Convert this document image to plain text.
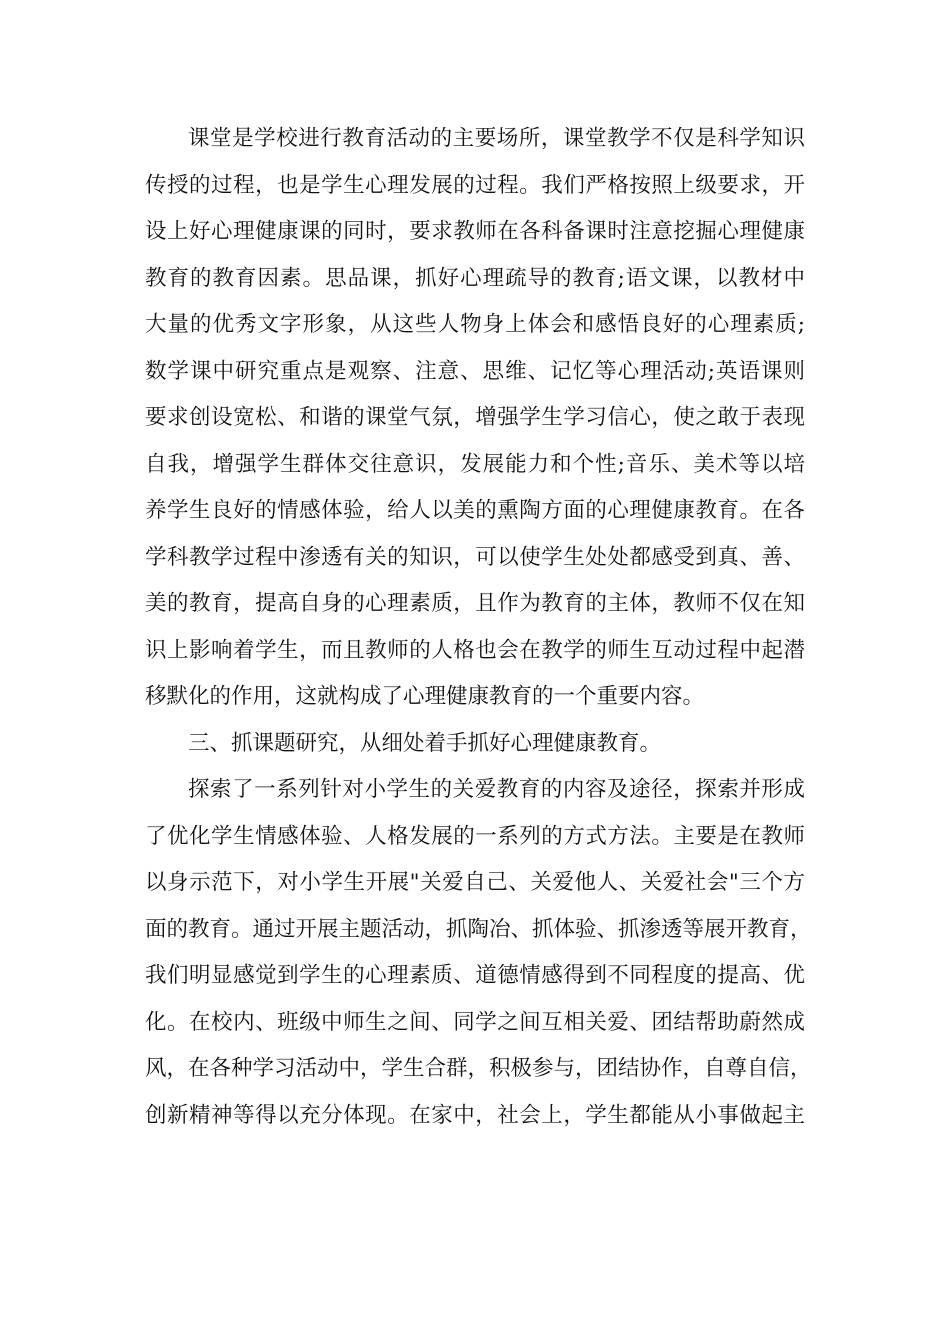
课堂是学校进行教育活动的主要场所，课堂教学不仅是科学知识
传授的过程，也是学生心理发展的过程。我们严格按照上级要求，开
设上好心理健康课的同时，要求教师在各科备课时注意挖掘心理健康
教育的教育因素。思品课，抓好心理疏导的教育;语文课，以教材中
大量的优秀文字形象，从这些人物身上体会和感悟良好的心理素质;
数学课中研究重点是观察、注意、思维、记忆等心理活动;英语课则
要求创设宽松、和谐的课堂气氛，增强学生学习信心，使之敢于表现
自我，增强学生群体交往意识，发展能力和个性;音乐、美术等以培
养学生良好的情感体验，给人以美的熏陶方面的心理健康教育。在各
学科教学过程中渗透有关的知识，可以使学生处处都感受到真、善、
美的教育，提高自身的心理素质，且作为教育的主体，教师不仅在知
识上影响着学生，而且教师的人格也会在教学的师生互动过程中起潜
移默化的作用，这就构成了心理健康教育的一个重要内容。
三、抓课题研究，从细处着手抓好心理健康教育。
探索了一系列针对小学生的关爱教育的内容及途径，探索并形成
了优化学生情感体验、人格发展的一系列的方式方法。主要是在教师
以身示范下，对小学生开展"关爱自己、关爱他人、关爱社会"三个方
面的教育。通过开展主题活动，抓陶冶、抓体验、抓渗透等展开教育，
我们明显感觉到学生的心理素质、道德情感得到不同程度的提高、优
化。在校内、班级中师生之间、同学之间互相关爱、团结帮助蔚然成
风，在各种学习活动中，学生合群，积极参与，团结协作，自尊自信，
创新精神等得以充分体现。在家中，社会上，学生都能从小事做起主
